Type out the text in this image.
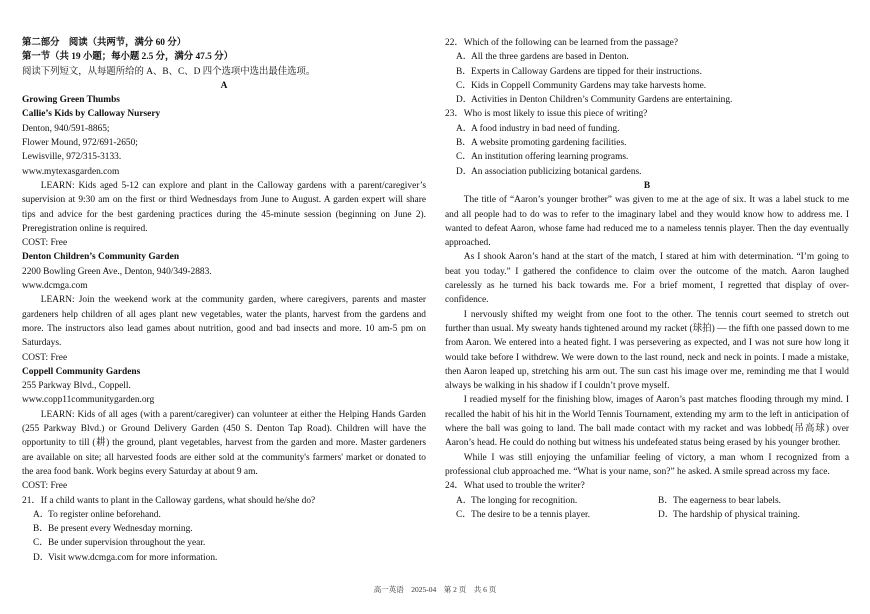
第二部分　阅读（共两节，满分 60 分）

第一节（共 19 小题；每小题 2.5 分，满分 47.5 分）

阅读下列短文，从每题所给的 A、B、C、D 四个选项中选出最佳选项。

A

Growing Green Thumbs

Callie’s Kids by Calloway Nursery

Denton, 940/591-8865;

Flower Mound, 972/691-2650;

Lewisville, 972/315-3133.

www.mytexasgarden.com

LEARN: Kids aged 5-12 can explore and plant in the Calloway gardens with a parent/caregiver’s supervision at 9:30 am on the first or third Wednesdays from June to August. A garden expert will share tips and advice for the best gardening practices during the 45-minute session (beginning on June 2). Preregistration online is required.

COST: Free

Denton Children’s Community Garden

2200 Bowling Green Ave., Denton, 940/349-2883.

www.dcmga.com

LEARN: Join the weekend work at the community garden, where caregivers, parents and master gardeners help children of all ages plant new vegetables, water the plants, harvest from the gardens and more. The instructors also lead games about nutrition, good and bad insects and more. 10 am-5 pm on Saturdays.

COST: Free

Coppell Community Gardens

255 Parkway Blvd., Coppell.

www.copp11communitygarden.org

LEARN: Kids of all ages (with a parent/caregiver) can volunteer at either the Helping Hands Garden (255 Parkway Blvd.) or Ground Delivery Garden (450 S. Denton Tap Road). Children will have the opportunity to till (耕) the ground, plant vegetables, harvest from the garden and more. Master gardeners are available on site; all harvested foods are either sold at the community's farmers' market or donated to the area food bank. Work begins every Saturday at about 9 am.

COST: Free

21．If a child wants to plant in the Calloway gardens, what should he/she do?

A．To register online beforehand.

B．Be present every Wednesday morning.

C．Be under supervision throughout the year.

D．Visit www.dcmga.com for more information.

22．Which of the following can be learned from the passage?

A．All the three gardens are based in Denton.

B．Experts in Calloway Gardens are tipped for their instructions.

C．Kids in Coppell Community Gardens may take harvests home.

D．Activities in Denton Children’s Community Gardens are entertaining.

23．Who is most likely to issue this piece of writing?

A．A food industry in bad need of funding.

B．A website promoting gardening facilities.

C．An institution offering learning programs.

D．An association publicizing botanical gardens.

B

The title of “Aaron’s younger brother” was given to me at the age of six. It was a label stuck to me and all people had to do was to refer to the imaginary label and they would know how to address me. I wanted to defeat Aaron, whose fame had reduced me to a nameless tennis player. Then the day eventually approached.

As I shook Aaron’s hand at the start of the match, I stared at him with determination. “I’m going to beat you today.” I gathered the confidence to claim over the outcome of the match. Aaron laughed carelessly as he turned his back towards me. For a brief moment, I regretted that display of over-confidence.

I nervously shifted my weight from one foot to the other. The tennis court seemed to stretch out further than usual. My sweaty hands tightened around my racket (球拍) — the fifth one passed down to me from Aaron. We entered into a heated fight. I was persevering as expected, and I was not sure how long it would take before I withdrew. We were down to the last round, neck and neck in points. I made a mistake, then Aaron leaped up, stretching his arm out. The sun cast his image over me, reminding me that I would always be walking in his shadow if I couldn’t prove myself.

I readied myself for the finishing blow, images of Aaron’s past matches flooding through my mind. I recalled the habit of his hit in the World Tennis Tournament, extending my arm to the left in anticipation of where the ball was going to land. The ball made contact with my racket and was lobbed(吊高球) over Aaron’s head. He could do nothing but witness his undefeated status being erased by his younger brother.

While I was still enjoying the unfamiliar feeling of victory, a man whom I recognized from a professional club approached me. “What is your name, son?” he asked. A smile spread across my face.

24．What used to trouble the writer?

A．The longing for recognition.	B．The eagerness to bear labels.
C．The desire to be a tennis player.	D．The hardship of physical training.
高一英语　2025-04　第 2 页　共 6 页
